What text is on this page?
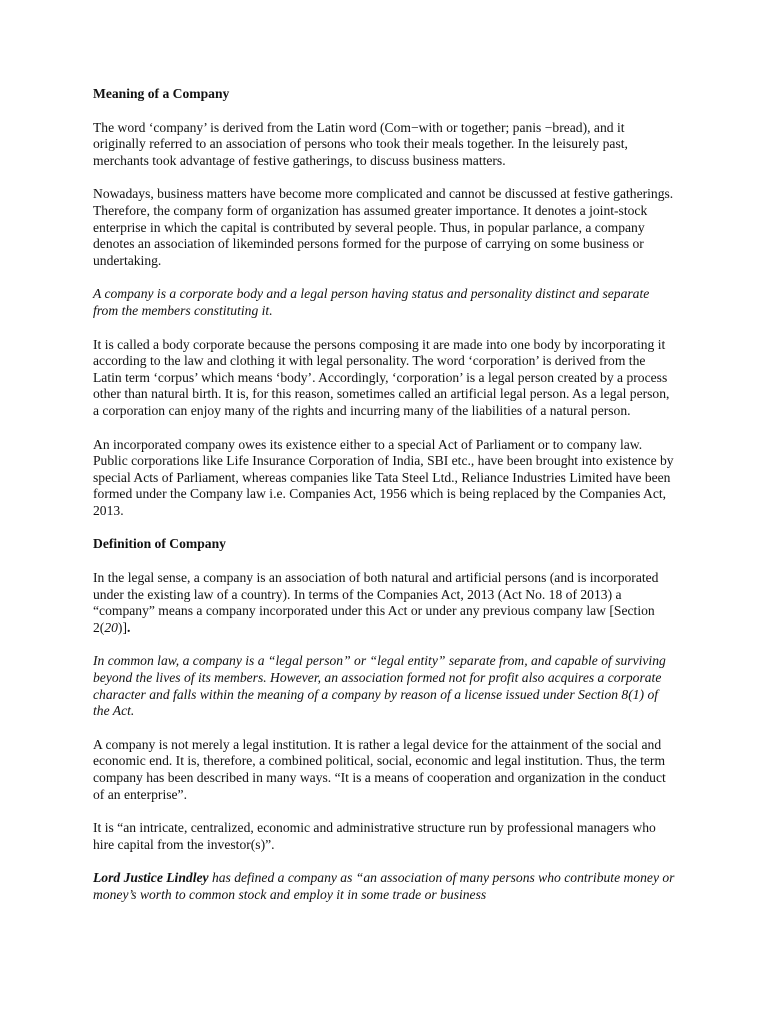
Meaning of a Company

The word ‘company’ is derived from the Latin word (Com−with or together; panis −bread), and it originally referred to an association of persons who took their meals together. In the leisurely past, merchants took advantage of festive gatherings, to discuss business matters.

Nowadays, business matters have become more complicated and cannot be discussed at festive gatherings. Therefore, the company form of organization has assumed greater importance. It denotes a joint-stock enterprise in which the capital is contributed by several people. Thus, in popular parlance, a company denotes an association of likeminded persons formed for the purpose of carrying on some business or undertaking.

A company is a corporate body and a legal person having status and personality distinct and separate from the members constituting it.

It is called a body corporate because the persons composing it are made into one body by incorporating it according to the law and clothing it with legal personality. The word ‘corporation’ is derived from the Latin term ‘corpus’ which means ‘body’. Accordingly, ‘corporation’ is a legal person created by a process other than natural birth. It is, for this reason, sometimes called an artificial legal person. As a legal person, a corporation can enjoy many of the rights and incurring many of the liabilities of a natural person.

An incorporated company owes its existence either to a special Act of Parliament or to company law. Public corporations like Life Insurance Corporation of India, SBI etc., have been brought into existence by special Acts of Parliament, whereas companies like Tata Steel Ltd., Reliance Industries Limited have been formed under the Company law i.e. Companies Act, 1956 which is being replaced by the Companies Act, 2013.

Definition of Company

In the legal sense, a company is an association of both natural and artificial persons (and is incorporated under the existing law of a country). In terms of the Companies Act, 2013 (Act No. 18 of 2013) a “company” means a company incorporated under this Act or under any previous company law [Section 2(20)].

In common law, a company is a “legal person” or “legal entity” separate from, and capable of surviving beyond the lives of its members. However, an association formed not for profit also acquires a corporate character and falls within the meaning of a company by reason of a license issued under Section 8(1) of the Act.

A company is not merely a legal institution. It is rather a legal device for the attainment of the social and economic end. It is, therefore, a combined political, social, economic and legal institution. Thus, the term company has been described in many ways. “It is a means of cooperation and organization in the conduct of an enterprise”.

It is “an intricate, centralized, economic and administrative structure run by professional managers who hire capital from the investor(s)”.

Lord Justice Lindley has defined a company as “an association of many persons who contribute money or money’s worth to common stock and employ it in some trade or business
